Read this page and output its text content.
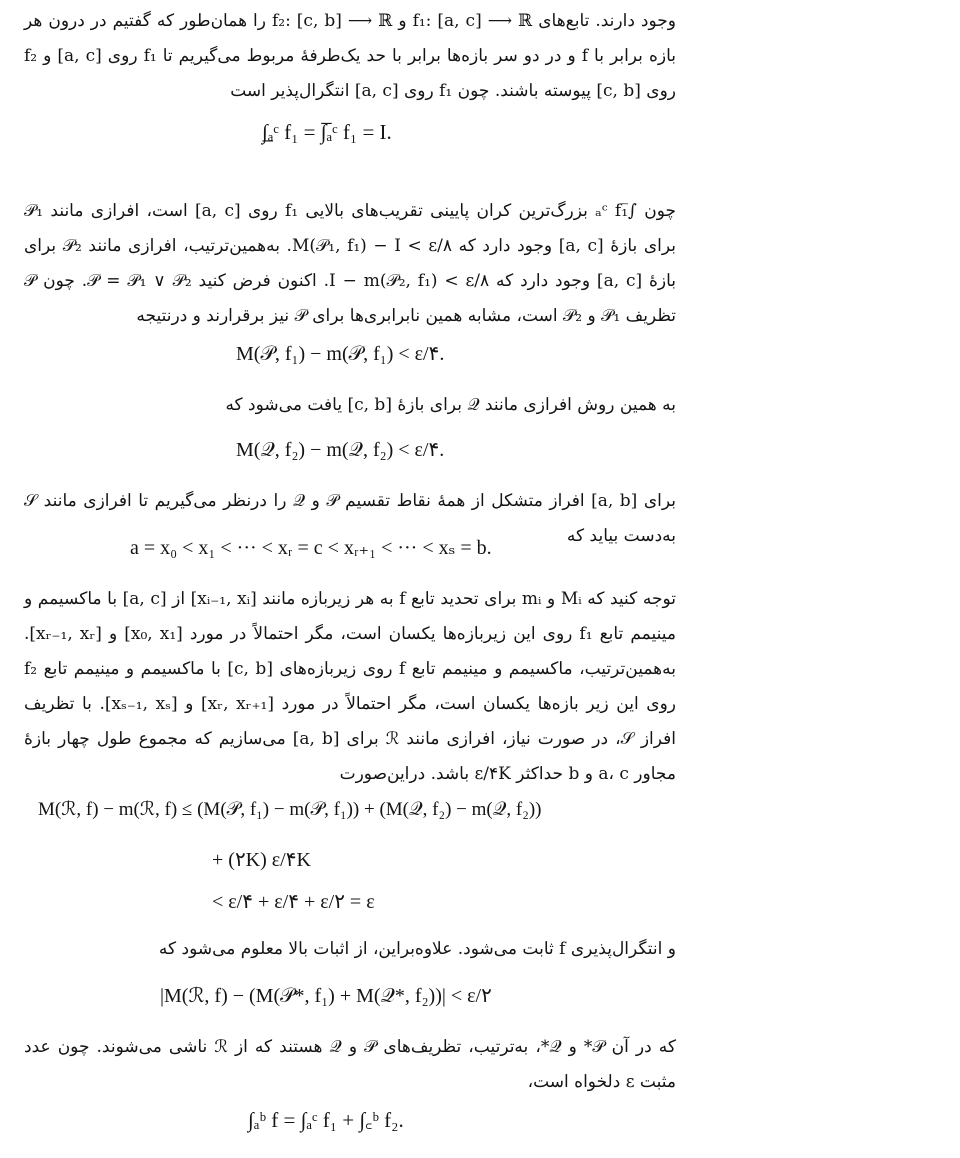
وجود دارند. تابع‌های f₁: [a, c] ⟶ ℝ و f₂: [c, b] ⟶ ℝ را همان‌طور که گفتیم در درون هر بازه برابر با f و در دو سر بازه‌ها برابر با حد یک‌طرفهٔ مربوط می‌گیریم تا f₁ روی [a, c] و f₂ روی [c, b] پیوسته باشند. چون f₁ روی [a, c] انتگرال‌پذیر است

∫̲ₐᶜ f₁ = ∫̅ₐᶜ f₁ = I.

چون ∫̅ₐᶜ f₁ بزرگ‌ترین کران پایینی تقریب‌های بالایی f₁ روی [a, c] است، افرازی مانند 𝒫₁ برای بازهٔ [a, c] وجود دارد که M(𝒫₁, f₁) − I < ε/۸. به‌همین‌ترتیب، افرازی مانند 𝒫₂ برای بازهٔ [a, c] وجود دارد که I − m(𝒫₂, f₁) < ε/۸. اکنون فرض کنید 𝒫 = 𝒫₁ ∨ 𝒫₂. چون 𝒫 تظریف 𝒫₁ و 𝒫₂ است، مشابه همین نابرابری‌ها برای 𝒫 نیز برقرارند و درنتیجه

M(𝒫, f₁) − m(𝒫, f₁) < ε/۴.

به همین روش افرازی مانند 𝒬 برای بازهٔ [c, b] یافت می‌شود که

M(𝒬, f₂) − m(𝒬, f₂) < ε/۴.

برای [a, b] افراز متشکل از همهٔ نقاط تقسیم 𝒫 و 𝒬 را درنظر می‌گیریم تا افرازی مانند 𝒮 به‌دست بیاید که

a = x₀ < x₁ < ··· < xᵣ = c < xᵣ₊₁ < ··· < xₛ = b.

توجه کنید که Mᵢ و mᵢ برای تحدید تابع f به هر زیربازه مانند [xᵢ₋₁, xᵢ] از [a, c] با ماکسیمم و مینیمم تابع f₁ روی این زیربازه‌ها یکسان است، مگر احتمالاً در مورد [x₀, x₁] و [xᵣ₋₁, xᵣ]. به‌همین‌ترتیب، ماکسیمم و مینیمم تابع f روی زیربازه‌های [c, b] با ماکسیمم و مینیمم تابع f₂ روی این زیر بازه‌ها یکسان است، مگر احتمالاً در مورد [xᵣ, xᵣ₊₁] و [xₛ₋₁, xₛ]. با تظریف افراز 𝒮، در صورت نیاز، افرازی مانند ℛ برای [a, b] می‌سازیم که مجموع طول چهار بازهٔ مجاور a، c و b حداکثر ε/۴K باشد. دراین‌صورت

M(ℛ, f) − m(ℛ, f) ≤ (M(𝒫, f₁) − m(𝒫, f₁)) + (M(𝒬, f₂) − m(𝒬, f₂))
+ (۲K) ε/۴K
< ε/۴ + ε/۴ + ε/۲ = ε

و انتگرال‌پذیری f ثابت می‌شود. علاوه‌براین، از اثبات بالا معلوم می‌شود که

|M(ℛ, f) − (M(𝒫*, f₁) + M(𝒬*, f₂))| < ε/۲

که در آن 𝒫* و 𝒬*، به‌ترتیب، تظریف‌های 𝒫 و 𝒬 هستند که از ℛ ناشی می‌شوند. چون عدد مثبت ε دلخواه است،

∫ₐᵇ f = ∫ₐᶜ f₁ + ∫꜀ᵇ f₂.
